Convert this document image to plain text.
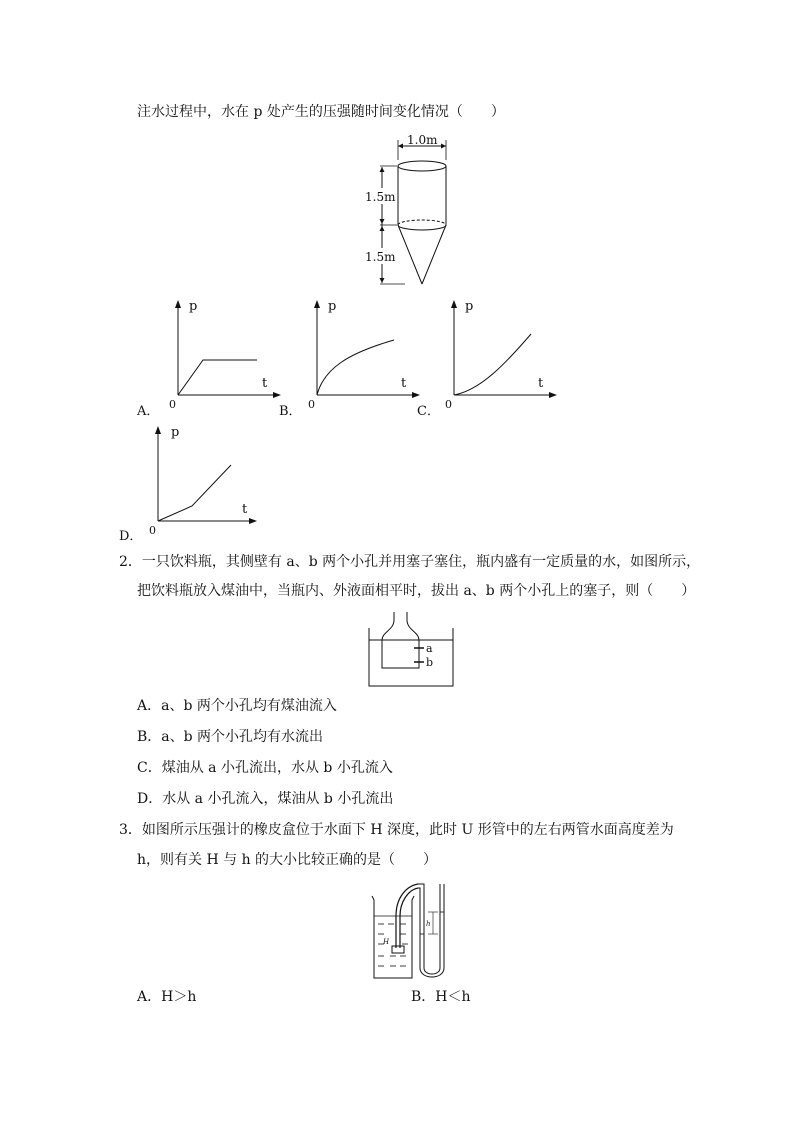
注水过程中，水在 p 处产生的压强随时间变化情况（　　）
1.0m
1.5m
1.5m
p
t
0
A．
p
t
0
B．
p
t
0
C．
p
t
0
D．
2．一只饮料瓶，其侧壁有 a、b 两个小孔并用塞子塞住，瓶内盛有一定质量的水，如图所示，
把饮料瓶放入煤油中，当瓶内、外液面相平时，拔出 a、b 两个小孔上的塞子，则（　　）
a
b
A．a、b 两个小孔均有煤油流入
B．a、b 两个小孔均有水流出
C．煤油从 a 小孔流出，水从 b 小孔流入
D．水从 a 小孔流入，煤油从 b 小孔流出
3．如图所示压强计的橡皮盒位于水面下 H 深度，此时 U 形管中的左右两管水面高度差为
h，则有关 H 与 h 的大小比较正确的是（　　）
H
h
A．H＞h	B．H＜h
